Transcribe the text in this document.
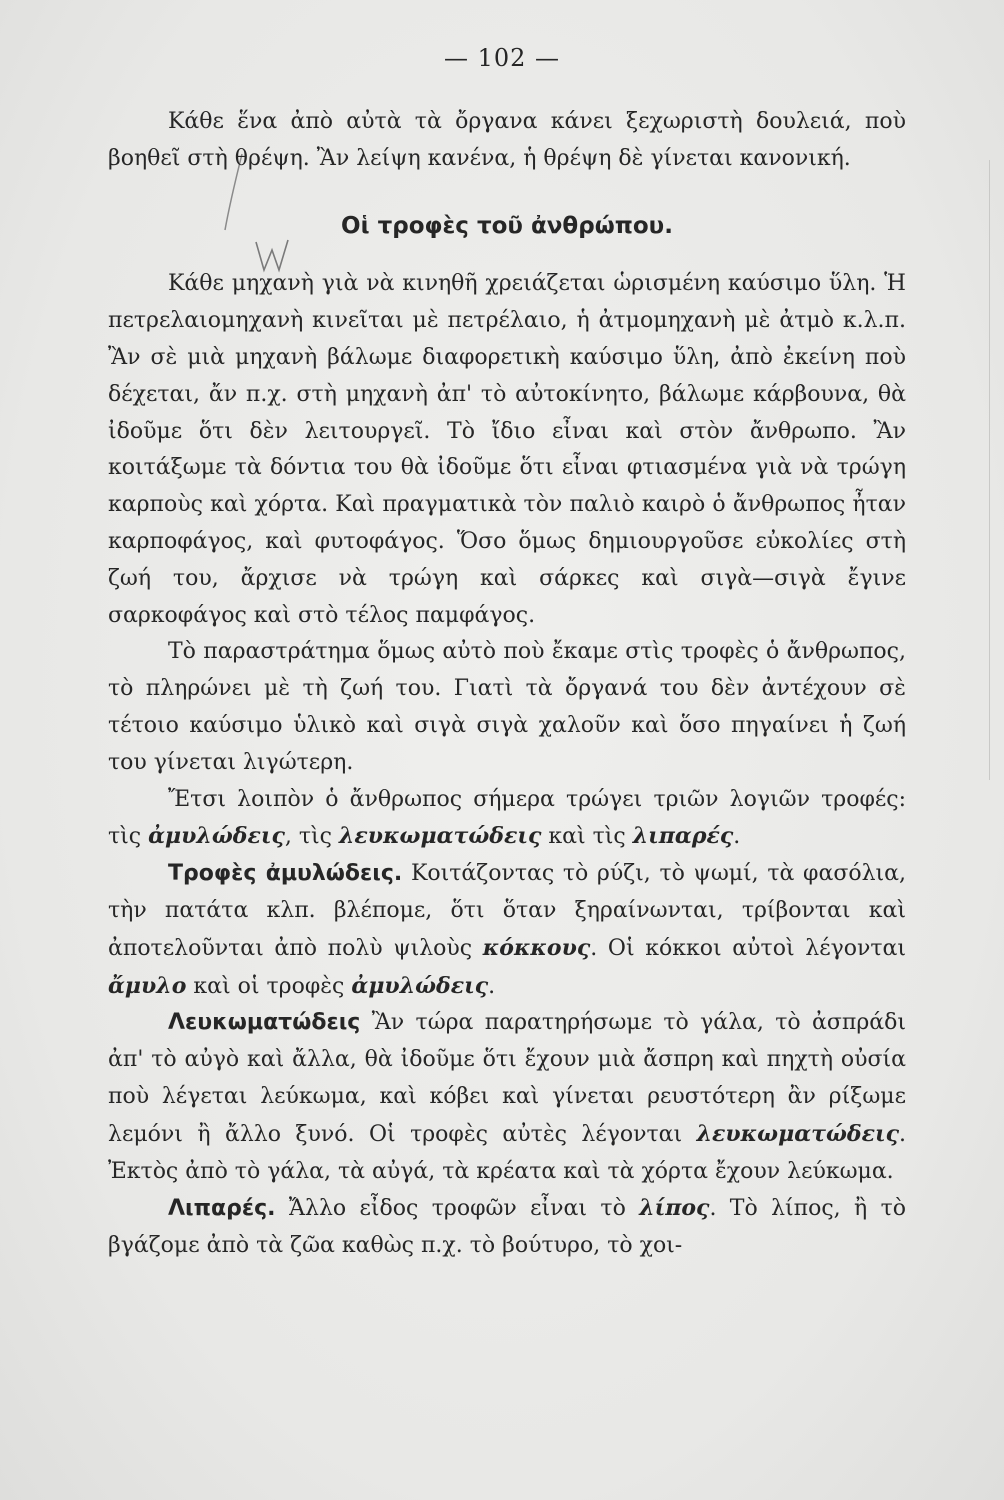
— 102 —

Κάθε ἕνα ἀπὸ αὐτὰ τὰ ὄργανα κάνει ξεχωριστὴ δουλειά, ποὺ βοηθεῖ στὴ θρέψη. Ἂν λείψη κανένα, ἡ θρέψη δὲ γίνεται κανονική.

Οἱ τροφὲς τοῦ ἀνθρώπου.

Κάθε μηχανὴ γιὰ νὰ κινηθῆ χρειάζεται ὡρισμένη καύσιμο ὕλη. Ἡ πετρελαιομηχανὴ κινεῖται μὲ πετρέλαιο, ἡ ἀτμομηχανὴ μὲ ἀτμὸ κ.λ.π. Ἂν σὲ μιὰ μηχανὴ βάλωμε διαφορετικὴ καύσιμο ὕλη, ἀπὸ ἐκείνη ποὺ δέχεται, ἄν π.χ. στὴ μηχανὴ ἀπ' τὸ αὐτοκίνητο, βάλωμε κάρβουνα, θὰ ἰδοῦμε ὅτι δὲν λειτουργεῖ. Τὸ ἴδιο εἶναι καὶ στὸν ἄνθρωπο. Ἂν κοιτάξωμε τὰ δόντια του θὰ ἰδοῦμε ὅτι εἶναι φτιασμένα γιὰ νὰ τρώγη καρποὺς καὶ χόρτα. Καὶ πραγματικὰ τὸν παλιὸ καιρὸ ὁ ἄνθρωπος ἦταν καρποφάγος, καὶ φυτοφάγος. Ὅσο ὅμως δημιουργοῦσε εὐκολίες στὴ ζωή του, ἄρχισε νὰ τρώγη καὶ σάρκες καὶ σιγὰ—σιγὰ ἔγινε σαρκοφάγος καὶ στὸ τέλος παμφάγος.

Τὸ παραστράτημα ὅμως αὐτὸ ποὺ ἔκαμε στὶς τροφὲς ὁ ἄνθρωπος, τὸ πληρώνει μὲ τὴ ζωή του. Γιατὶ τὰ ὄργανά του δὲν ἀντέχουν σὲ τέτοιο καύσιμο ὑλικὸ καὶ σιγὰ σιγὰ χαλοῦν καὶ ὅσο πηγαίνει ἡ ζωή του γίνεται λιγώτερη.

Ἔτσι λοιπὸν ὁ ἄνθρωπος σήμερα τρώγει τριῶν λογιῶν τροφές: τὶς ἀμυλώδεις, τὶς λευκωματώδεις καὶ τὶς λιπαρές.

Τροφὲς ἀμυλώδεις. Κοιτάζοντας τὸ ρύζι, τὸ ψωμί, τὰ φασόλια, τὴν πατάτα κλπ. βλέπομε, ὅτι ὅταν ξηραίνωνται, τρίβονται καὶ ἀποτελοῦνται ἀπὸ πολὺ ψιλοὺς κόκκους. Οἱ κόκκοι αὐτοὶ λέγονται ἄμυλο καὶ οἱ τροφὲς ἀμυλώδεις.

Λευκωματώδεις Ἂν τώρα παρατηρήσωμε τὸ γάλα, τὸ ἀσπράδι ἀπ' τὸ αὐγὸ καὶ ἄλλα, θὰ ἰδοῦμε ὅτι ἔχουν μιὰ ἄσπρη καὶ πηχτὴ οὐσία ποὺ λέγεται λεύκωμα, καὶ κόβει καὶ γίνεται ρευστότερη ἂν ρίξωμε λεμόνι ἢ ἄλλο ξυνό. Οἱ τροφὲς αὐτὲς λέγονται λευκωματώδεις. Ἐκτὸς ἀπὸ τὸ γάλα, τὰ αὐγά, τὰ κρέατα καὶ τὰ χόρτα ἔχουν λεύκωμα.

Λιπαρές. Ἄλλο εἶδος τροφῶν εἶναι τὸ λίπος. Τὸ λίπος, ἢ τὸ βγάζομε ἀπὸ τὰ ζῶα καθὼς π.χ. τὸ βούτυρο, τὸ χοι-
